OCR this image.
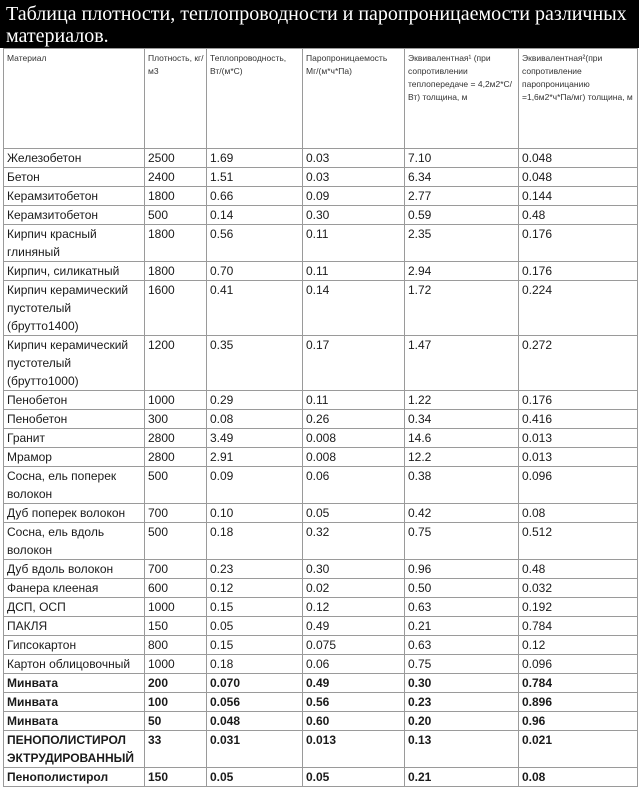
Таблица плотности, теплопроводности и паропроницаемости различных материалов.
Материал	Плотность, кг/м3	Теплопроводность, Вт/(м*С)	Паропроницаемость Мг/(м*ч*Па)	Эквивалентная¹ (при сопротивлении теплопередаче = 4,2м2*С/Вт) толщина, м	Эквивалентная²(при сопротивление паропроницанию =1,6м2*ч*Па/мг) толщина, м
Железобетон	2500	1.69	0.03	7.10	0.048
Бетон	2400	1.51	0.03	6.34	0.048
Керамзитобетон	1800	0.66	0.09	2.77	0.144
Керамзитобетон	500	0.14	0.30	0.59	0.48
Кирпич красный глиняный	1800	0.56	0.11	2.35	0.176
Кирпич, силикатный	1800	0.70	0.11	2.94	0.176
Кирпич керамический пустотелый (брутто1400)	1600	0.41	0.14	1.72	0.224
Кирпич керамический пустотелый (брутто1000)	1200	0.35	0.17	1.47	0.272
Пенобетон	1000	0.29	0.11	1.22	0.176
Пенобетон	300	0.08	0.26	0.34	0.416
Гранит	2800	3.49	0.008	14.6	0.013
Мрамор	2800	2.91	0.008	12.2	0.013
Сосна, ель поперек волокон	500	0.09	0.06	0.38	0.096
Дуб поперек волокон	700	0.10	0.05	0.42	0.08
Сосна, ель вдоль волокон	500	0.18	0.32	0.75	0.512
Дуб вдоль волокон	700	0.23	0.30	0.96	0.48
Фанера клееная	600	0.12	0.02	0.50	0.032
ДСП, ОСП	1000	0.15	0.12	0.63	0.192
ПАКЛЯ	150	0.05	0.49	0.21	0.784
Гипсокартон	800	0.15	0.075	0.63	0.12
Картон облицовочный	1000	0.18	0.06	0.75	0.096
Минвата	200	0.070	0.49	0.30	0.784
Минвата	100	0.056	0.56	0.23	0.896
Минвата	50	0.048	0.60	0.20	0.96
ПЕНОПОЛИСТИРОЛ ЭКТРУДИРОВАННЫЙ	33	0.031	0.013	0.13	0.021
Пенополистирол	150	0.05	0.05	0.21	0.08
